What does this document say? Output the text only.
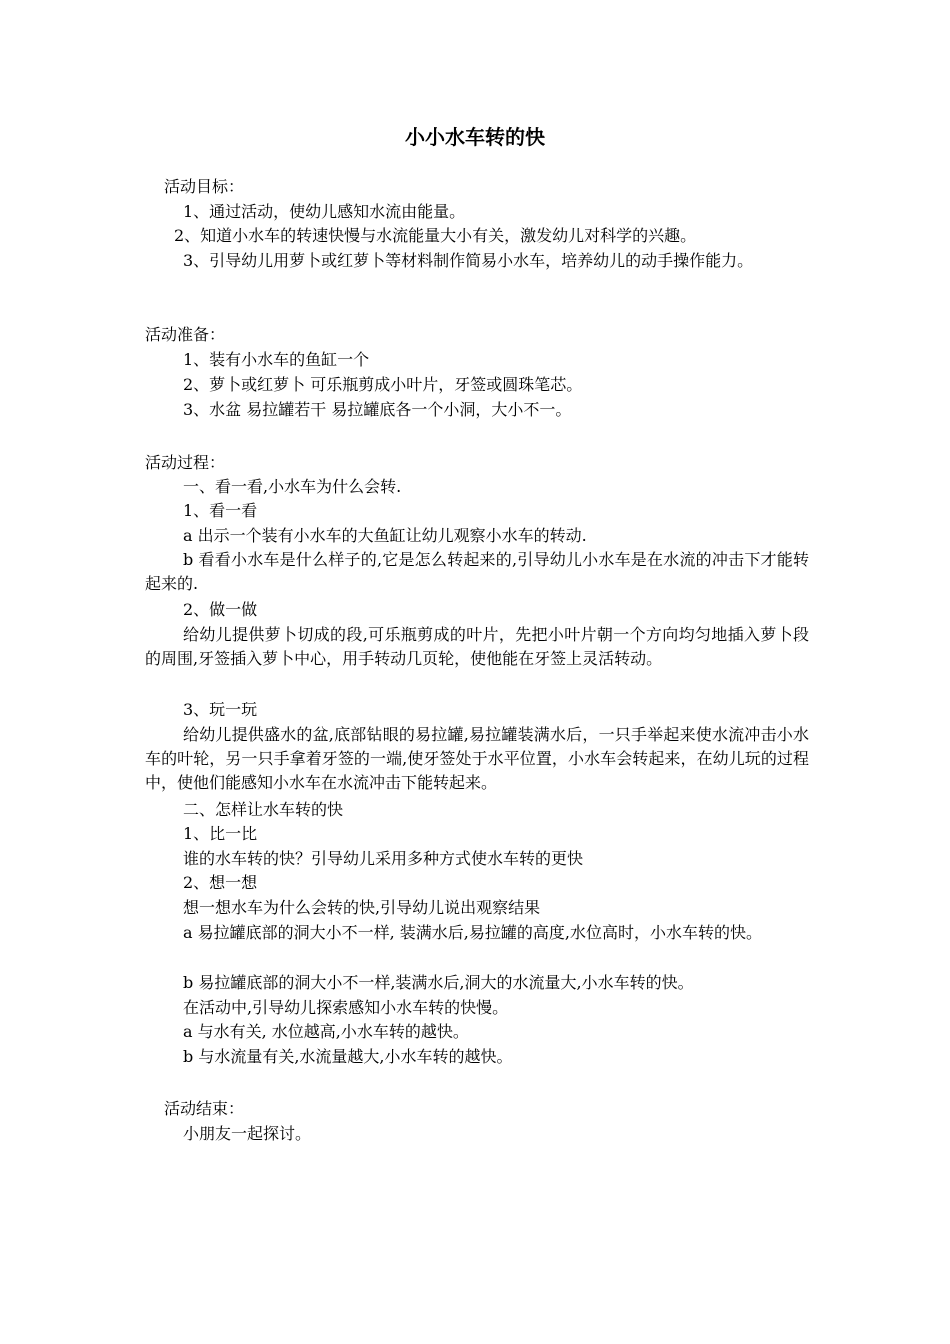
小小水车转的快
活动目标：
1、通过活动，使幼儿感知水流由能量。
2、知道小水车的转速快慢与水流能量大小有关，激发幼儿对科学的兴趣。
3、引导幼儿用萝卜或红萝卜等材料制作简易小水车，培养幼儿的动手操作能力。
活动准备：
1、装有小水车的鱼缸一个
2、萝卜或红萝卜 可乐瓶剪成小叶片，牙签或圆珠笔芯。
3、水盆 易拉罐若干 易拉罐底各一个小洞，大小不一。
活动过程：
一、看一看,小水车为什么会转.
1、看一看
a 出示一个装有小水车的大鱼缸让幼儿观察小水车的转动.
b 看看小水车是什么样子的,它是怎么转起来的,引导幼儿小水车是在水流的冲击下才能转起来的.
2、做一做
给幼儿提供萝卜切成的段,可乐瓶剪成的叶片，先把小叶片朝一个方向均匀地插入萝卜段的周围,牙签插入萝卜中心，用手转动几页轮，使他能在牙签上灵活转动。
3、玩一玩
给幼儿提供盛水的盆,底部钻眼的易拉罐,易拉罐装满水后，一只手举起来使水流冲击小水车的叶轮，另一只手拿着牙签的一端,使牙签处于水平位置，小水车会转起来，在幼儿玩的过程中，使他们能感知小水车在水流冲击下能转起来。
二、怎样让水车转的快
1、比一比
谁的水车转的快？引导幼儿采用多种方式使水车转的更快
2、想一想
想一想水车为什么会转的快,引导幼儿说出观察结果
a 易拉罐底部的洞大小不一样, 装满水后,易拉罐的高度,水位高时，小水车转的快。
b 易拉罐底部的洞大小不一样,装满水后,洞大的水流量大,小水车转的快。
在活动中,引导幼儿探索感知小水车转的快慢。
a 与水有关, 水位越高,小水车转的越快。
b 与水流量有关,水流量越大,小水车转的越快。
活动结束：
小朋友一起探讨。
